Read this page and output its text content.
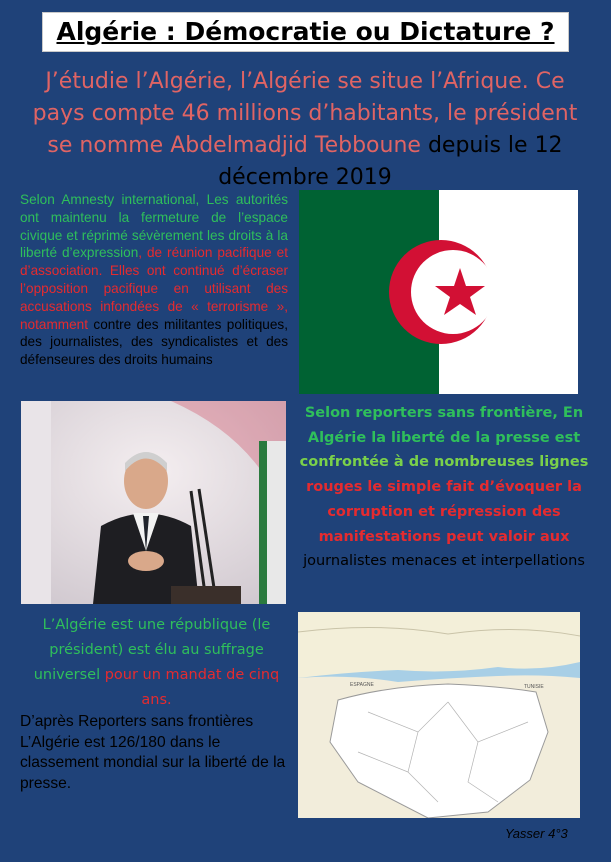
Algérie : Démocratie ou Dictature ?
J’étudie l’Algérie, l’Algérie se situe l’Afrique. Ce pays compte 46 millions d’habitants, le président se nomme Abdelmadjid Tebboune depuis le 12 décembre 2019
Selon Amnesty international, Les autorités ont maintenu la fermeture de l’espace civique et réprimé sévèrement les droits à la liberté d’expression, de réunion pacifique et d’association. Elles ont continué d’écraser l’opposition pacifique en utilisant des accusations infondées de « terrorisme », notamment contre des militantes politiques, des journalistes, des syndicalistes et des défenseures des droits humains
Selon reporters sans frontière, En Algérie la liberté de la presse est confrontée à de nombreuses lignes rouges le simple fait d’évoquer la corruption et répression des manifestations peut valoir aux journalistes menaces et interpellations
L’Algérie est une république (le président) est élu au suffrage universel pour un mandat de cinq ans.
D’après Reporters sans frontières L’Algérie est 126/180 dans le classement mondial sur la liberté de la presse.
ESPAGNE	TUNISIE
Yasser 4°3
